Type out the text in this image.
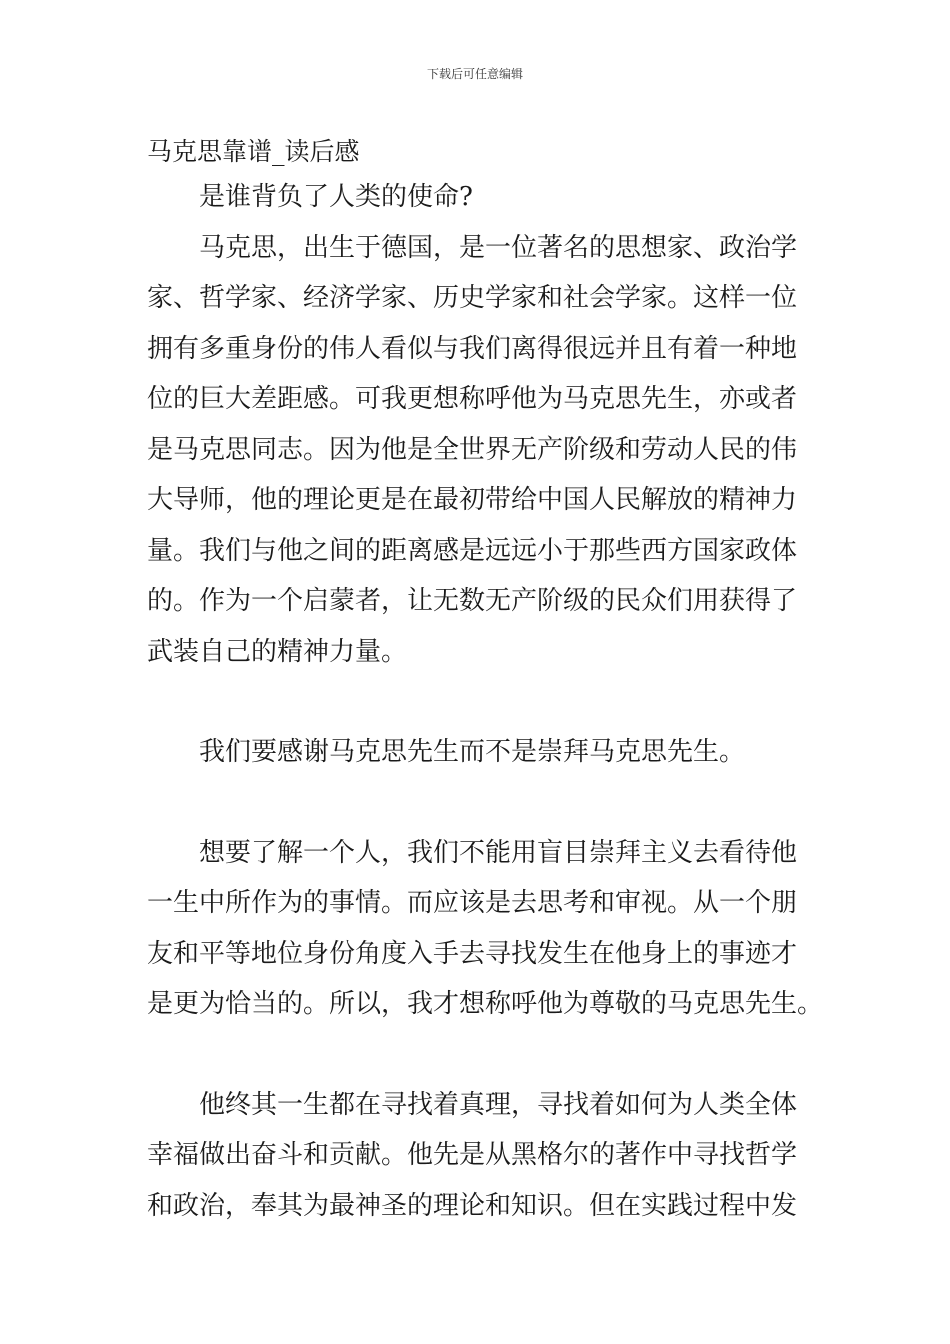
下载后可任意编辑
马克思靠谱_读后感
是谁背负了人类的使命?
马克思，出生于德国，是一位著名的思想家、政治学
家、哲学家、经济学家、历史学家和社会学家。这样一位
拥有多重身份的伟人看似与我们离得很远并且有着一种地
位的巨大差距感。可我更想称呼他为马克思先生，亦或者
是马克思同志。因为他是全世界无产阶级和劳动人民的伟
大导师，他的理论更是在最初带给中国人民解放的精神力
量。我们与他之间的距离感是远远小于那些西方国家政体
的。作为一个启蒙者，让无数无产阶级的民众们用获得了
武装自己的精神力量。
我们要感谢马克思先生而不是崇拜马克思先生。
想要了解一个人，我们不能用盲目崇拜主义去看待他
一生中所作为的事情。而应该是去思考和审视。从一个朋
友和平等地位身份角度入手去寻找发生在他身上的事迹才
是更为恰当的。所以，我才想称呼他为尊敬的马克思先生。
他终其一生都在寻找着真理，寻找着如何为人类全体
幸福做出奋斗和贡献。他先是从黑格尔的著作中寻找哲学
和政治，奉其为最神圣的理论和知识。但在实践过程中发
